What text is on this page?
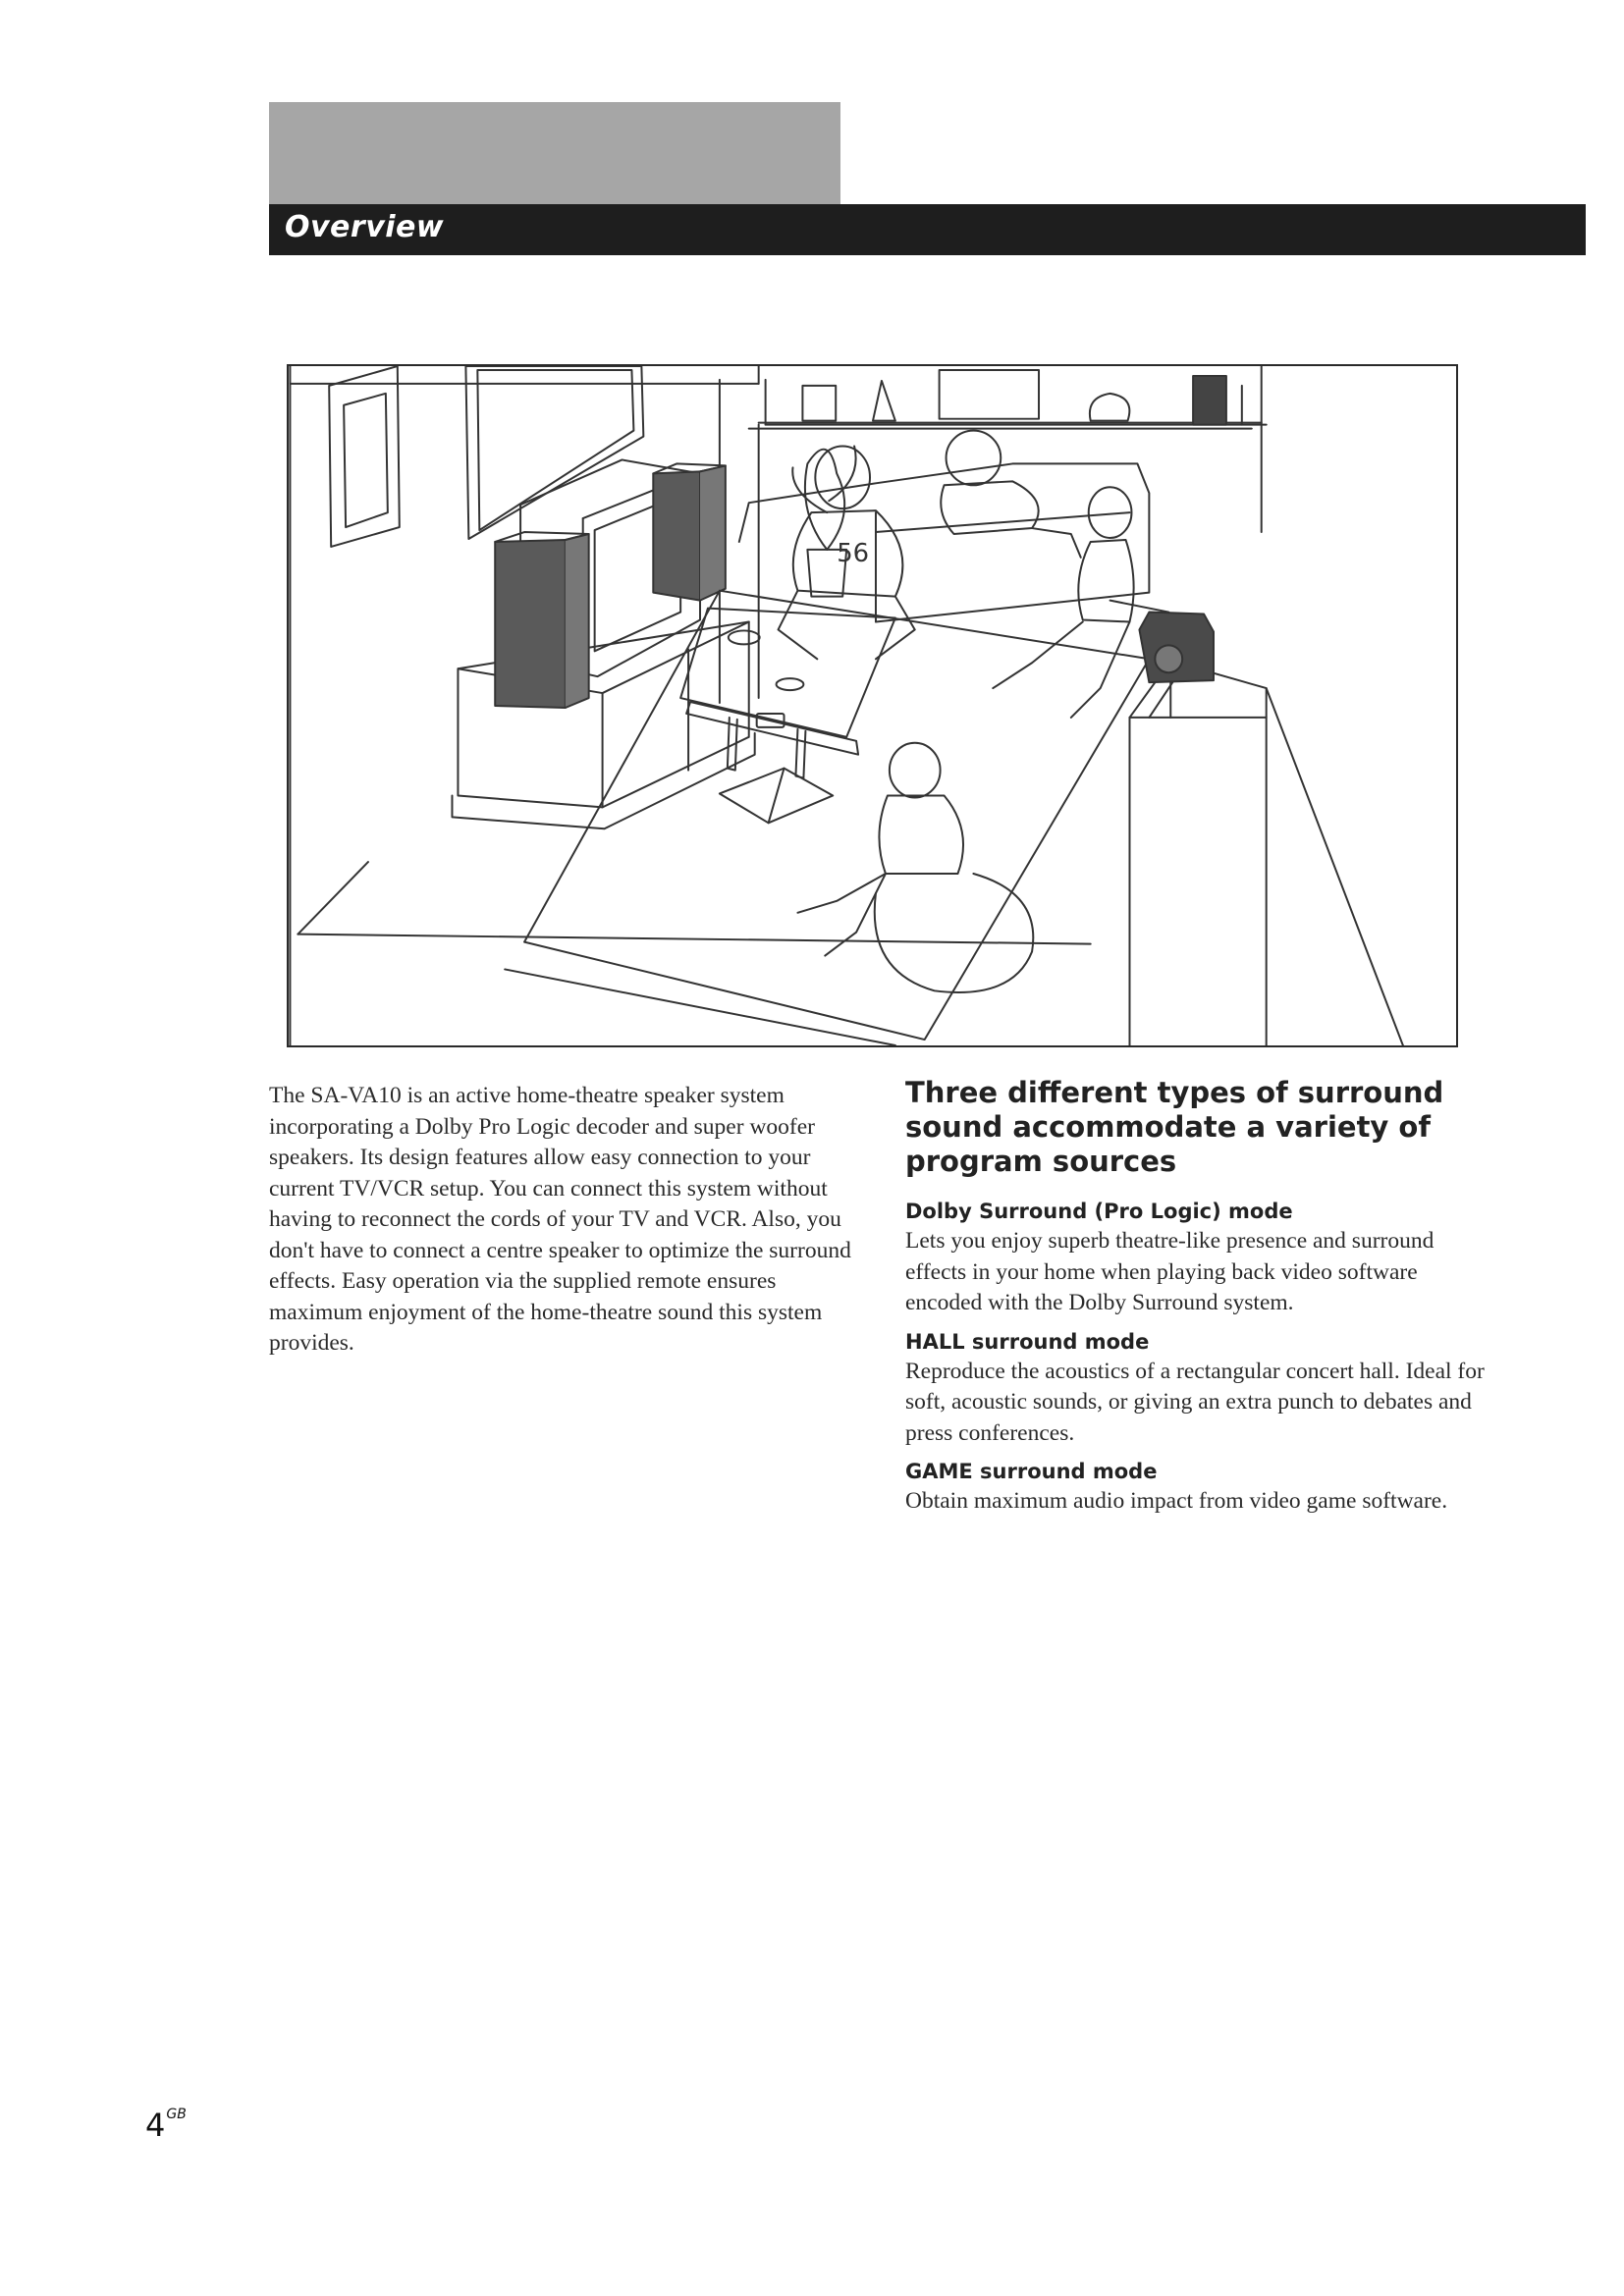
Overview
56

The SA-VA10 is an active home-theatre speaker system incorporating a Dolby Pro Logic decoder and super woofer speakers. Its design features allow easy connection to your current TV/VCR setup. You can connect this system without having to reconnect the cords of your TV and VCR. Also, you don't have to connect a centre speaker to optimize the surround effects. Easy operation via the supplied remote ensures maximum enjoyment of the home-theatre sound this system provides.

Three different types of surround sound accommodate a variety of program sources
Dolby Surround (Pro Logic) mode

Lets you enjoy superb theatre-like presence and surround effects in your home when playing back video software encoded with the Dolby Surround system.

HALL surround mode

Reproduce the acoustics of a rectangular concert hall. Ideal for soft, acoustic sounds, or giving an extra punch to debates and press conferences.

GAME surround mode

Obtain maximum audio impact from video game software.

$4^{GB}$
